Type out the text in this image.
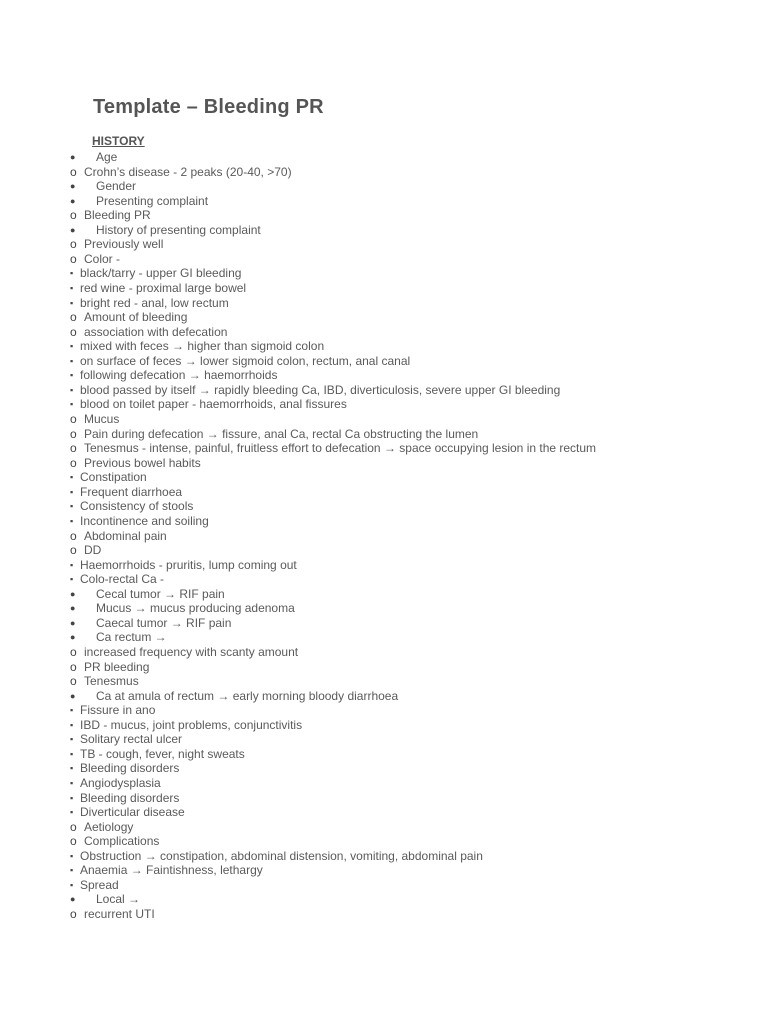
Template – Bleeding PR
HISTORY
● Age
o Crohn’s disease - 2 peaks (20-40, >70)
● Gender
● Presenting complaint
o Bleeding PR
● History of presenting complaint
o Previously well
o Color -
▪ black/tarry - upper GI bleeding
▪ red wine - proximal large bowel
▪ bright red - anal, low rectum
o Amount of bleeding
o association with defecation
▪ mixed with feces → higher than sigmoid colon
▪ on surface of feces → lower sigmoid colon, rectum, anal canal
▪ following defecation → haemorrhoids
▪ blood passed by itself → rapidly bleeding Ca, IBD, diverticulosis, severe upper GI bleeding
▪ blood on toilet paper - haemorrhoids, anal fissures
o Mucus
o Pain during defecation → fissure, anal Ca, rectal Ca obstructing the lumen
o Tenesmus - intense, painful, fruitless effort to defecation → space occupying lesion in the rectum
o Previous bowel habits
▪ Constipation
▪ Frequent diarrhoea
▪ Consistency of stools
▪ Incontinence and soiling
o Abdominal pain
o DD
▪ Haemorrhoids - pruritis, lump coming out
▪ Colo-rectal Ca -
● Cecal tumor → RIF pain
● Mucus → mucus producing adenoma
● Caecal tumor → RIF pain
● Ca rectum →
o increased frequency with scanty amount
o PR bleeding
o Tenesmus
● Ca at amula of rectum → early morning bloody diarrhoea
▪ Fissure in ano
▪ IBD - mucus, joint problems, conjunctivitis
▪ Solitary rectal ulcer
▪ TB - cough, fever, night sweats
▪ Bleeding disorders
▪ Angiodysplasia
▪ Bleeding disorders
▪ Diverticular disease
o Aetiology
o Complications
▪ Obstruction → constipation, abdominal distension, vomiting, abdominal pain
▪ Anaemia → Faintishness, lethargy
▪ Spread
● Local →
o recurrent UTI
